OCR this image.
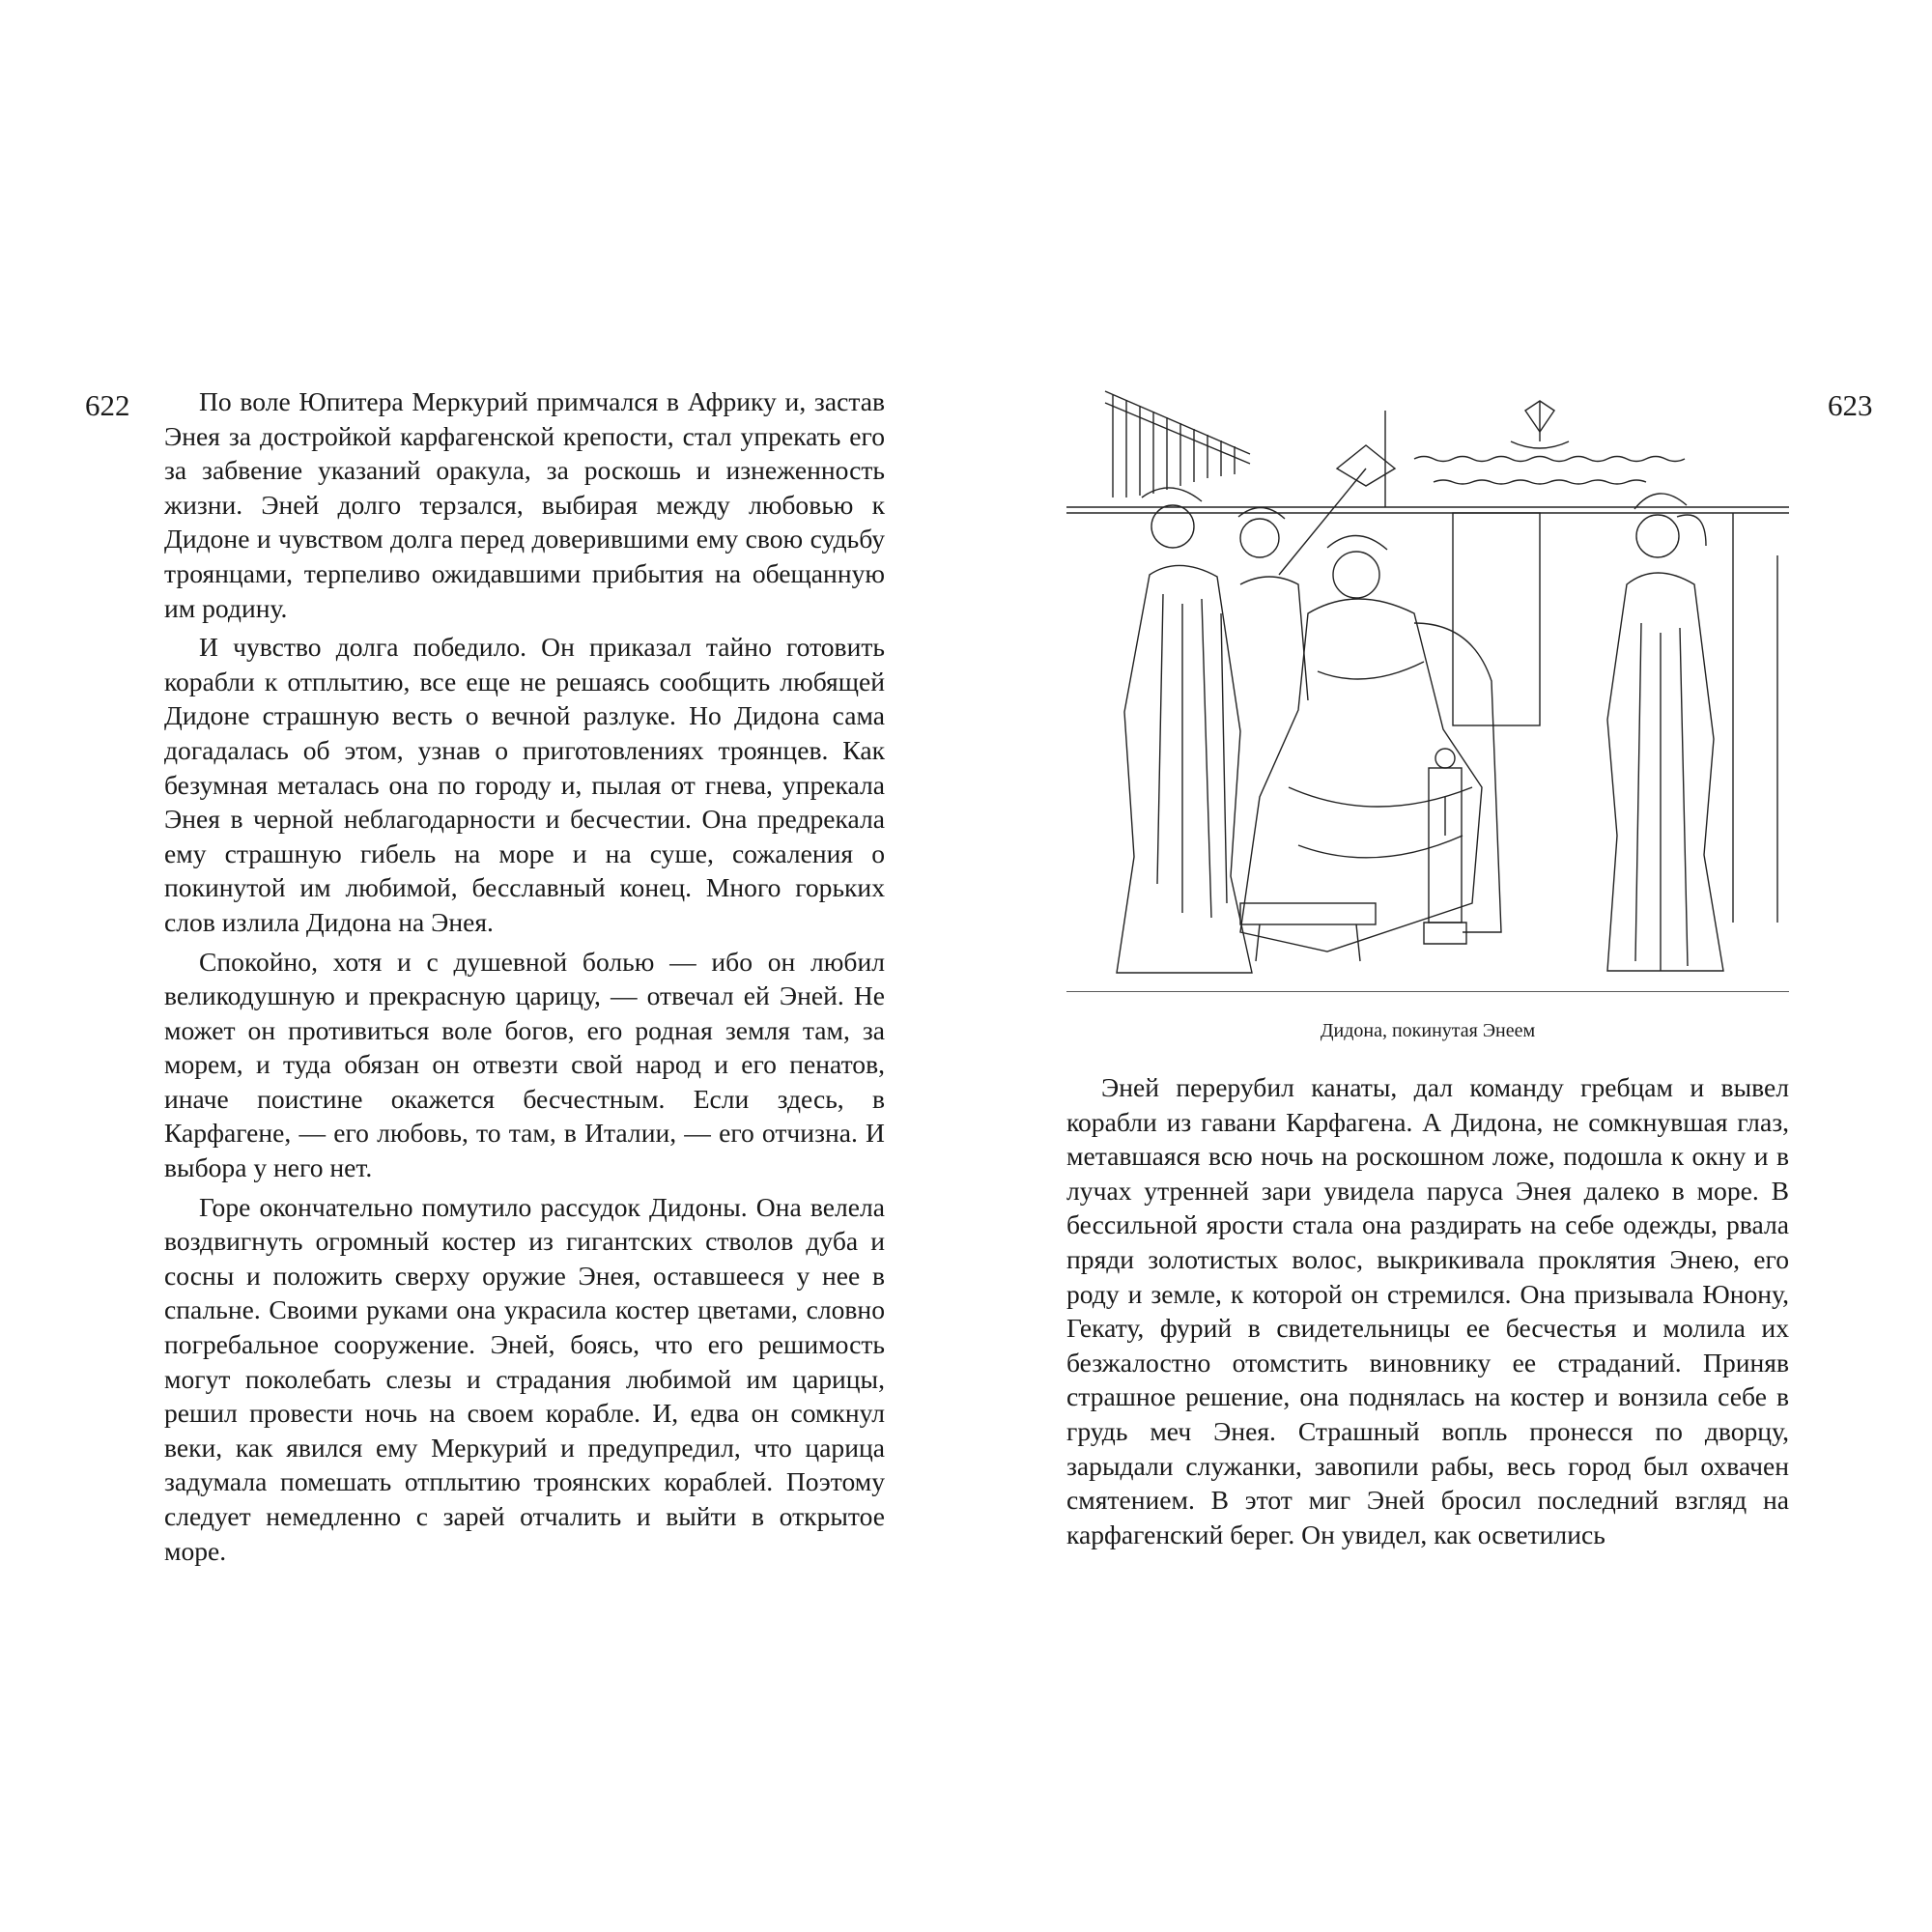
622	По воле Юпитера Меркурий примчался в Африку и, застав Энея за достройкой карфагенской крепости, стал упрекать его за забвение указаний оракула, за роскошь и изнеженность жизни. Эней долго терзался, выбирая между любовью к Дидоне и чувством долга перед доверившими ему свою судьбу троянцами, терпеливо ожидавшими прибытия на обещанную им родину.

И чувство долга победило. Он приказал тайно готовить корабли к отплытию, все еще не решаясь сообщить любящей Дидоне страшную весть о вечной разлуке. Но Дидона сама догадалась об этом, узнав о приготовлениях троянцев. Как безумная металась она по городу и, пылая от гнева, упрекала Энея в черной неблагодарности и бесчестии. Она предрекала ему страшную гибель на море и на суше, сожаления о покинутой им любимой, бесславный конец. Много горьких слов излила Дидона на Энея.

Спокойно, хотя и с душевной болью — ибо он любил великодушную и прекрасную царицу, — отвечал ей Эней. Не может он противиться воле богов, его родная земля там, за морем, и туда обязан он отвезти свой народ и его пенатов, иначе поистине окажется бесчестным. Если здесь, в Карфагене, — его любовь, то там, в Италии, — его отчизна. И выбора у него нет.

Горе окончательно помутило рассудок Дидоны. Она велела воздвигнуть огромный костер из гигантских стволов дуба и сосны и положить сверху оружие Энея, оставшееся у нее в спальне. Своими руками она украсила костер цветами, словно погребальное сооружение. Эней, боясь, что его решимость могут поколебать слезы и страдания любимой им царицы, решил провести ночь на своем корабле. И, едва он сомкнул веки, как явился ему Меркурий и предупредил, что царица задумала помешать отплытию троянских кораблей. Поэтому следует немедленно с зарей отчалить и выйти в открытое море.

623
Дидона, покинутая Энеем

Эней перерубил канаты, дал команду гребцам и вывел корабли из гавани Карфагена. А Дидона, не сомкнувшая глаз, метавшаяся всю ночь на роскошном ложе, подошла к окну и в лучах утренней зари увидела паруса Энея далеко в море. В бессильной ярости стала она раздирать на себе одежды, рвала пряди золотистых волос, выкрикивала проклятия Энею, его роду и земле, к которой он стремился. Она призывала Юнону, Гекату, фурий в свидетельницы ее бесчестья и молила их безжалостно отомстить виновнику ее страданий. Приняв страшное решение, она поднялась на костер и вонзила себе в грудь меч Энея. Страшный вопль пронесся по дворцу, зарыдали служанки, завопили рабы, весь город был охвачен смятением. В этот миг Эней бросил последний взгляд на карфагенский берег. Он увидел, как осветились
